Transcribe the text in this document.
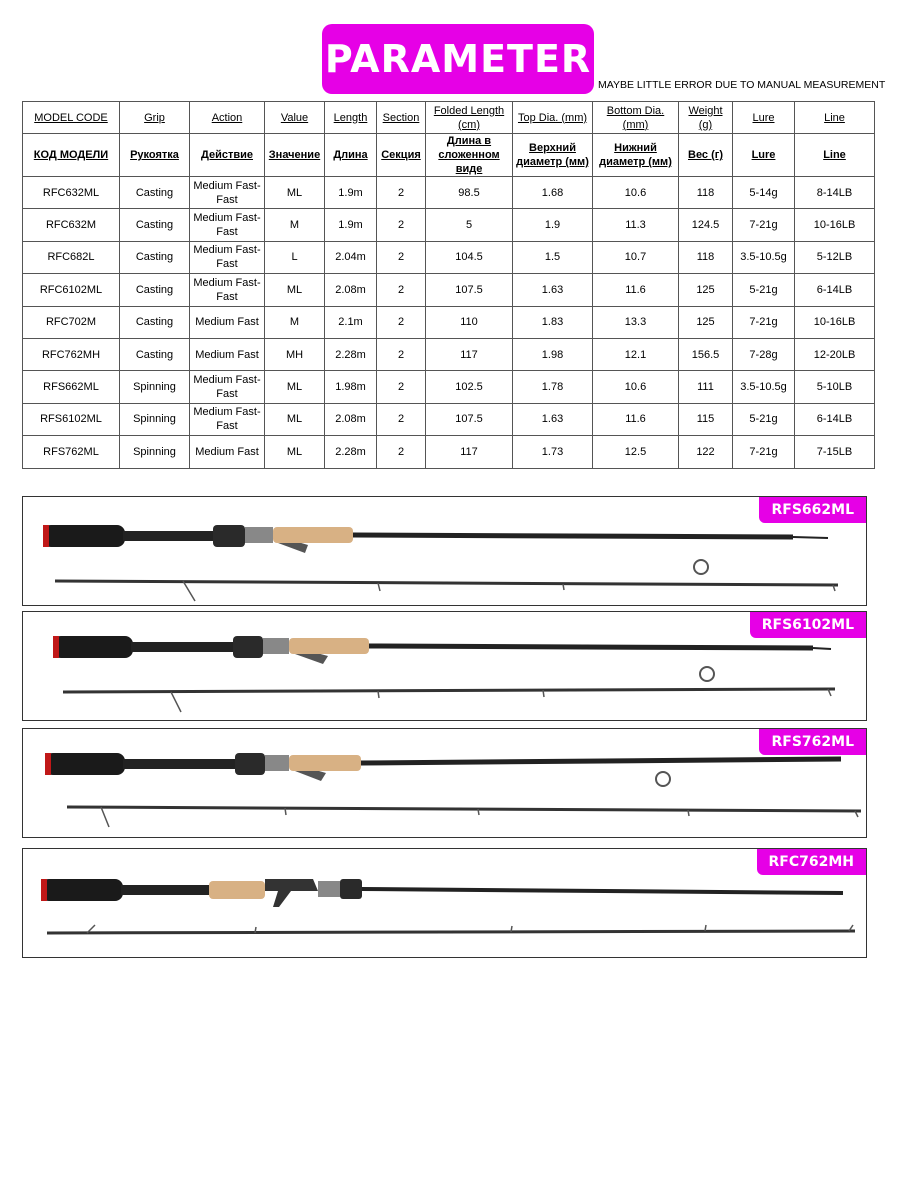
PARAMETER
MAYBE LITTLE ERROR DUE TO MANUAL MEASUREMENT
MODEL CODE	Grip	Action	Value	Length	Section	Folded Length (cm)	Top Dia. (mm)	Bottom Dia. (mm)	Weight (g)	Lure	Line
КОД МОДЕЛИ	Рукоятка	Действие	Значение	Длина	Секция	Длина в сложенном виде	Верхний диаметр (мм)	Нижний диаметр (мм)	Вес (г)	Lure	Line
RFC632ML	Casting	Medium Fast-Fast	ML	1.9m	2	98.5	1.68	10.6	118	5-14g	8-14LB
RFC632M	Casting	Medium Fast-Fast	M	1.9m	2	5	1.9	11.3	124.5	7-21g	10-16LB
RFC682L	Casting	Medium Fast-Fast	L	2.04m	2	104.5	1.5	10.7	118	3.5-10.5g	5-12LB
RFC6102ML	Casting	Medium Fast-Fast	ML	2.08m	2	107.5	1.63	11.6	125	5-21g	6-14LB
RFC702M	Casting	Medium Fast	M	2.1m	2	110	1.83	13.3	125	7-21g	10-16LB
RFC762MH	Casting	Medium Fast	MH	2.28m	2	117	1.98	12.1	156.5	7-28g	12-20LB
RFS662ML	Spinning	Medium Fast-Fast	ML	1.98m	2	102.5	1.78	10.6	111	3.5-10.5g	5-10LB
RFS6102ML	Spinning	Medium Fast-Fast	ML	2.08m	2	107.5	1.63	11.6	115	5-21g	6-14LB
RFS762ML	Spinning	Medium Fast	ML	2.28m	2	117	1.73	12.5	122	7-21g	7-15LB
RFS662ML
RFS6102ML
RFS762ML
RFC762MH
